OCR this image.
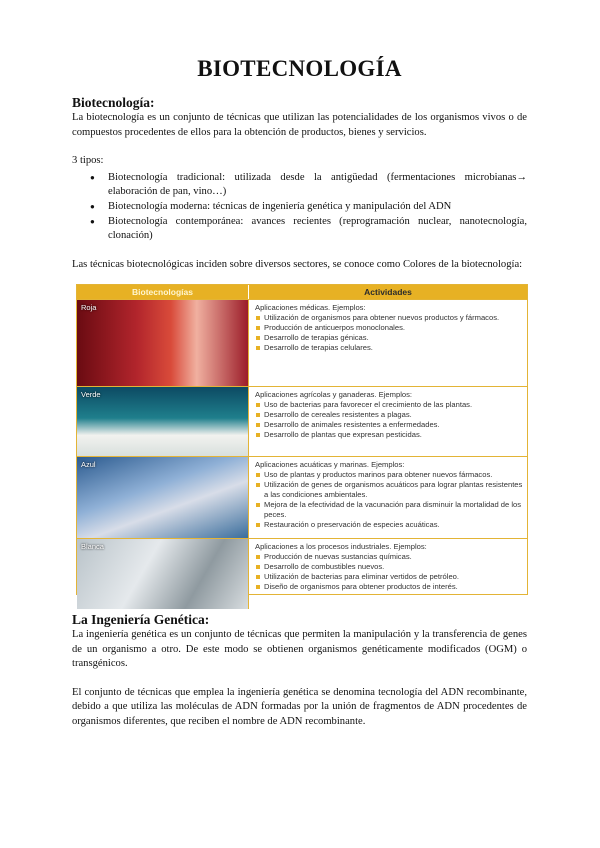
BIOTECNOLOGÍA
Biotecnología:

La biotecnología es un conjunto de técnicas que utilizan las potencialidades de los organismos vivos o de compuestos procedentes de ellos para la obtención de productos, bienes y servicios.

3 tipos:

● Biotecnología tradicional: utilizada desde la antigüedad (fermentaciones microbianas→ elaboración de pan, vino…)
● Biotecnología moderna: técnicas de ingeniería genética y manipulación del ADN
● Biotecnología contemporánea: avances recientes (reprogramación nuclear, nanotecnología, clonación)

Las técnicas biotecnológicas inciden sobre diversos sectores, se conoce como Colores de la biotecnología:

Biotecnologías	Actividades
Roja	Aplicaciones médicas. Ejemplos:
Utilización de organismos para obtener nuevos productos y fármacos.
Producción de anticuerpos monoclonales.
Desarrollo de terapias génicas.
Desarrollo de terapias celulares.
Verde	Aplicaciones agrícolas y ganaderas. Ejemplos:
Uso de bacterias para favorecer el crecimiento de las plantas.
Desarrollo de cereales resistentes a plagas.
Desarrollo de animales resistentes a enfermedades.
Desarrollo de plantas que expresan pesticidas.
Azul	Aplicaciones acuáticas y marinas. Ejemplos:
Uso de plantas y productos marinos para obtener nuevos fármacos.
Utilización de genes de organismos acuáticos para lograr plantas resistentes a las condiciones ambientales.
Mejora de la efectividad de la vacunación para disminuir la mortalidad de los peces.
Restauración o preservación de especies acuáticas.
Blanca	Aplicaciones a los procesos industriales. Ejemplos:
Producción de nuevas sustancias químicas.
Desarrollo de combustibles nuevos.
Utilización de bacterias para eliminar vertidos de petróleo.
Diseño de organismos para obtener productos de interés.
La Ingeniería Genética:

La ingeniería genética es un conjunto de técnicas que permiten la manipulación y la transferencia de genes de un organismo a otro. De este modo se obtienen organismos genéticamente modificados (OGM) o transgénicos.

El conjunto de técnicas que emplea la ingeniería genética se denomina tecnología del ADN recombinante, debido a que utiliza las moléculas de ADN formadas por la unión de fragmentos de ADN procedentes de organismos diferentes, que reciben el nombre de ADN recombinante.
